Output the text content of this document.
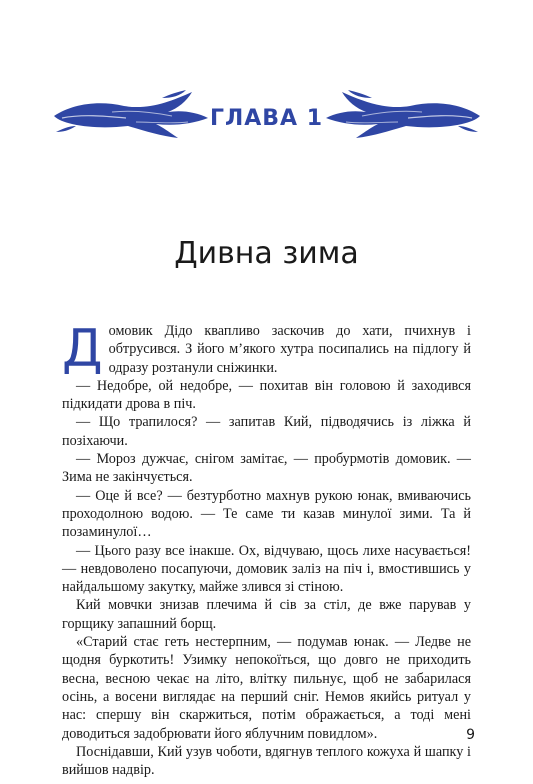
ГЛАВА 1
Дивна зима

Домовик Дідо квапливо заскочив до хати, пчихнув і обтрусився. З його м’якого хутра посипались на підлогу й одразу розтанули сніжинки.

— Недобре, ой недобре, — похитав він головою й заходився підкидати дрова в піч.

— Що трапилося? — запитав Кий, підводячись із ліжка й позіхаючи.

— Мороз дужчає, снігом замітає, — пробурмотів домовик. — Зима не закінчується.

— Оце й все? — безтурботно махнув рукою юнак, вмиваючись проходолною водою. — Те саме ти казав минулої зими. Та й позаминулої…

— Цього разу все інакше. Ох, відчуваю, щось лихе насувається! — невдоволено посапуючи, домовик заліз на піч і, вмостившись у найдальшому закутку, майже злився зі стіною.

Кий мовчки знизав плечима й сів за стіл, де вже парував у горщику запашний борщ.

«Старий стає геть нестерпним, — подумав юнак. — Ледве не щодня буркотить! Узимку непокоїться, що довго не приходить весна, весною чекає на літо, влітку пильнує, щоб не забарилася осінь, а восени виглядає на перший сніг. Немов якийсь ритуал у нас: спершу він скаржиться, потім ображається, а тоді мені доводиться задобрювати його яблучним повидлом».

Поснідавши, Кий узув чоботи, вдягнув теплого кожуха й шапку і вийшов надвір.

9
